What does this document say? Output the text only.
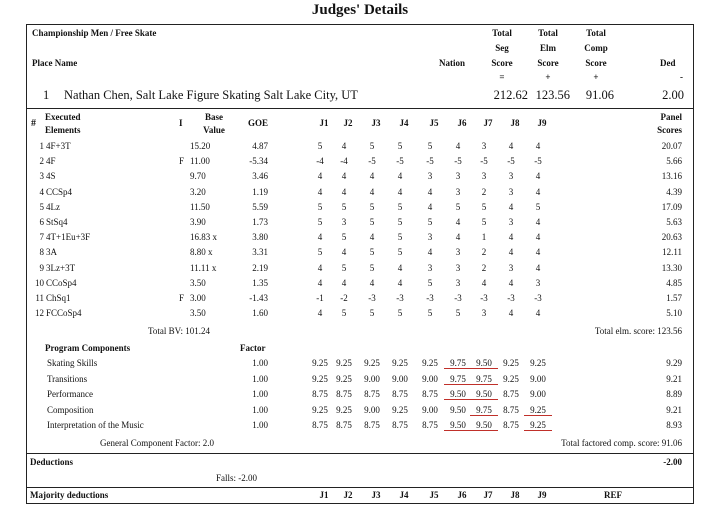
Judges' Details
Championship Men / Free Skate
Place Name	Nation
Total
Seg
Score
Total
Elm
Score
Total
Comp
Score	Ded
=	+	+	-
1 Nathan Chen, Salt Lake Figure Skating Salt Lake City, UT	212.62 123.56	91.06	2.00
#
Executed
Elements
I
Base
Value
GOE	J1	J2	J3	J4	J5	J6	J7	J8	J9
Panel
Scores
1 4F+3T	15.20	4.87	5	4	5	5	5	4	3	4	4	20.07
2 4F	F 11.00	-5.34	-4	-4	-5	-5	-5	-5	-5	-5	-5	5.66
3 4S	9.70	3.46	4	4	4	4	3	3	3	3	4	13.16
4 CCSp4	3.20	1.19	4	4	4	4	4	3	2	3	4	4.39
5 4Lz	11.50	5.59	5	5	5	5	4	5	5	4	5	17.09
6 StSq4	3.90	1.73	5	3	5	5	5	4	5	3	4	5.63
7 4T+1Eu+3F	16.83 x	3.80	4	5	4	5	3	4	1	4	4	20.63
8 3A	8.80 x	3.31	5	4	5	5	4	3	2	4	4	12.11
9 3Lz+3T	11.11 x	2.19	4	5	5	4	3	3	2	3	4	13.30
10 CCoSp4	3.50	1.35	4	4	4	4	5	3	4	4	3	4.85
11 ChSq1	F 3.00	-1.43	-1	-2	-3	-3	-3	-3	-3	-3	-3	1.57
12 FCCoSp4	3.50	1.60	4	5	5	5	5	5	3	4	4	5.10
Total BV: 101.24	Total elm. score: 123.56
Program Components	Factor
Skating Skills	1.00	9.25 9.25	9.25	9.25	9.25	9.75	9.50	9.25	9.25	9.29
Transitions	1.00	9.25 9.25	9.00	9.00	9.00	9.75	9.75	9.25	9.00	9.21
Performance	1.00	8.75 8.75	8.75	8.75	8.75	9.50	9.50	8.75	9.00	8.89
Composition	1.00	9.25 9.25	9.00	9.25	9.00	9.50	9.75	8.75	9.25	9.21
Interpretation of the Music	1.00	8.75 8.75	8.75	8.75	8.75	9.50	9.50	8.75	9.25	8.93
General Component Factor: 2.0	Total factored comp. score: 91.06
Deductions	-2.00
Falls: -2.00
Majority deductions	J1	J2	J3	J4	J5	J6	J7	J8	J9	REF
